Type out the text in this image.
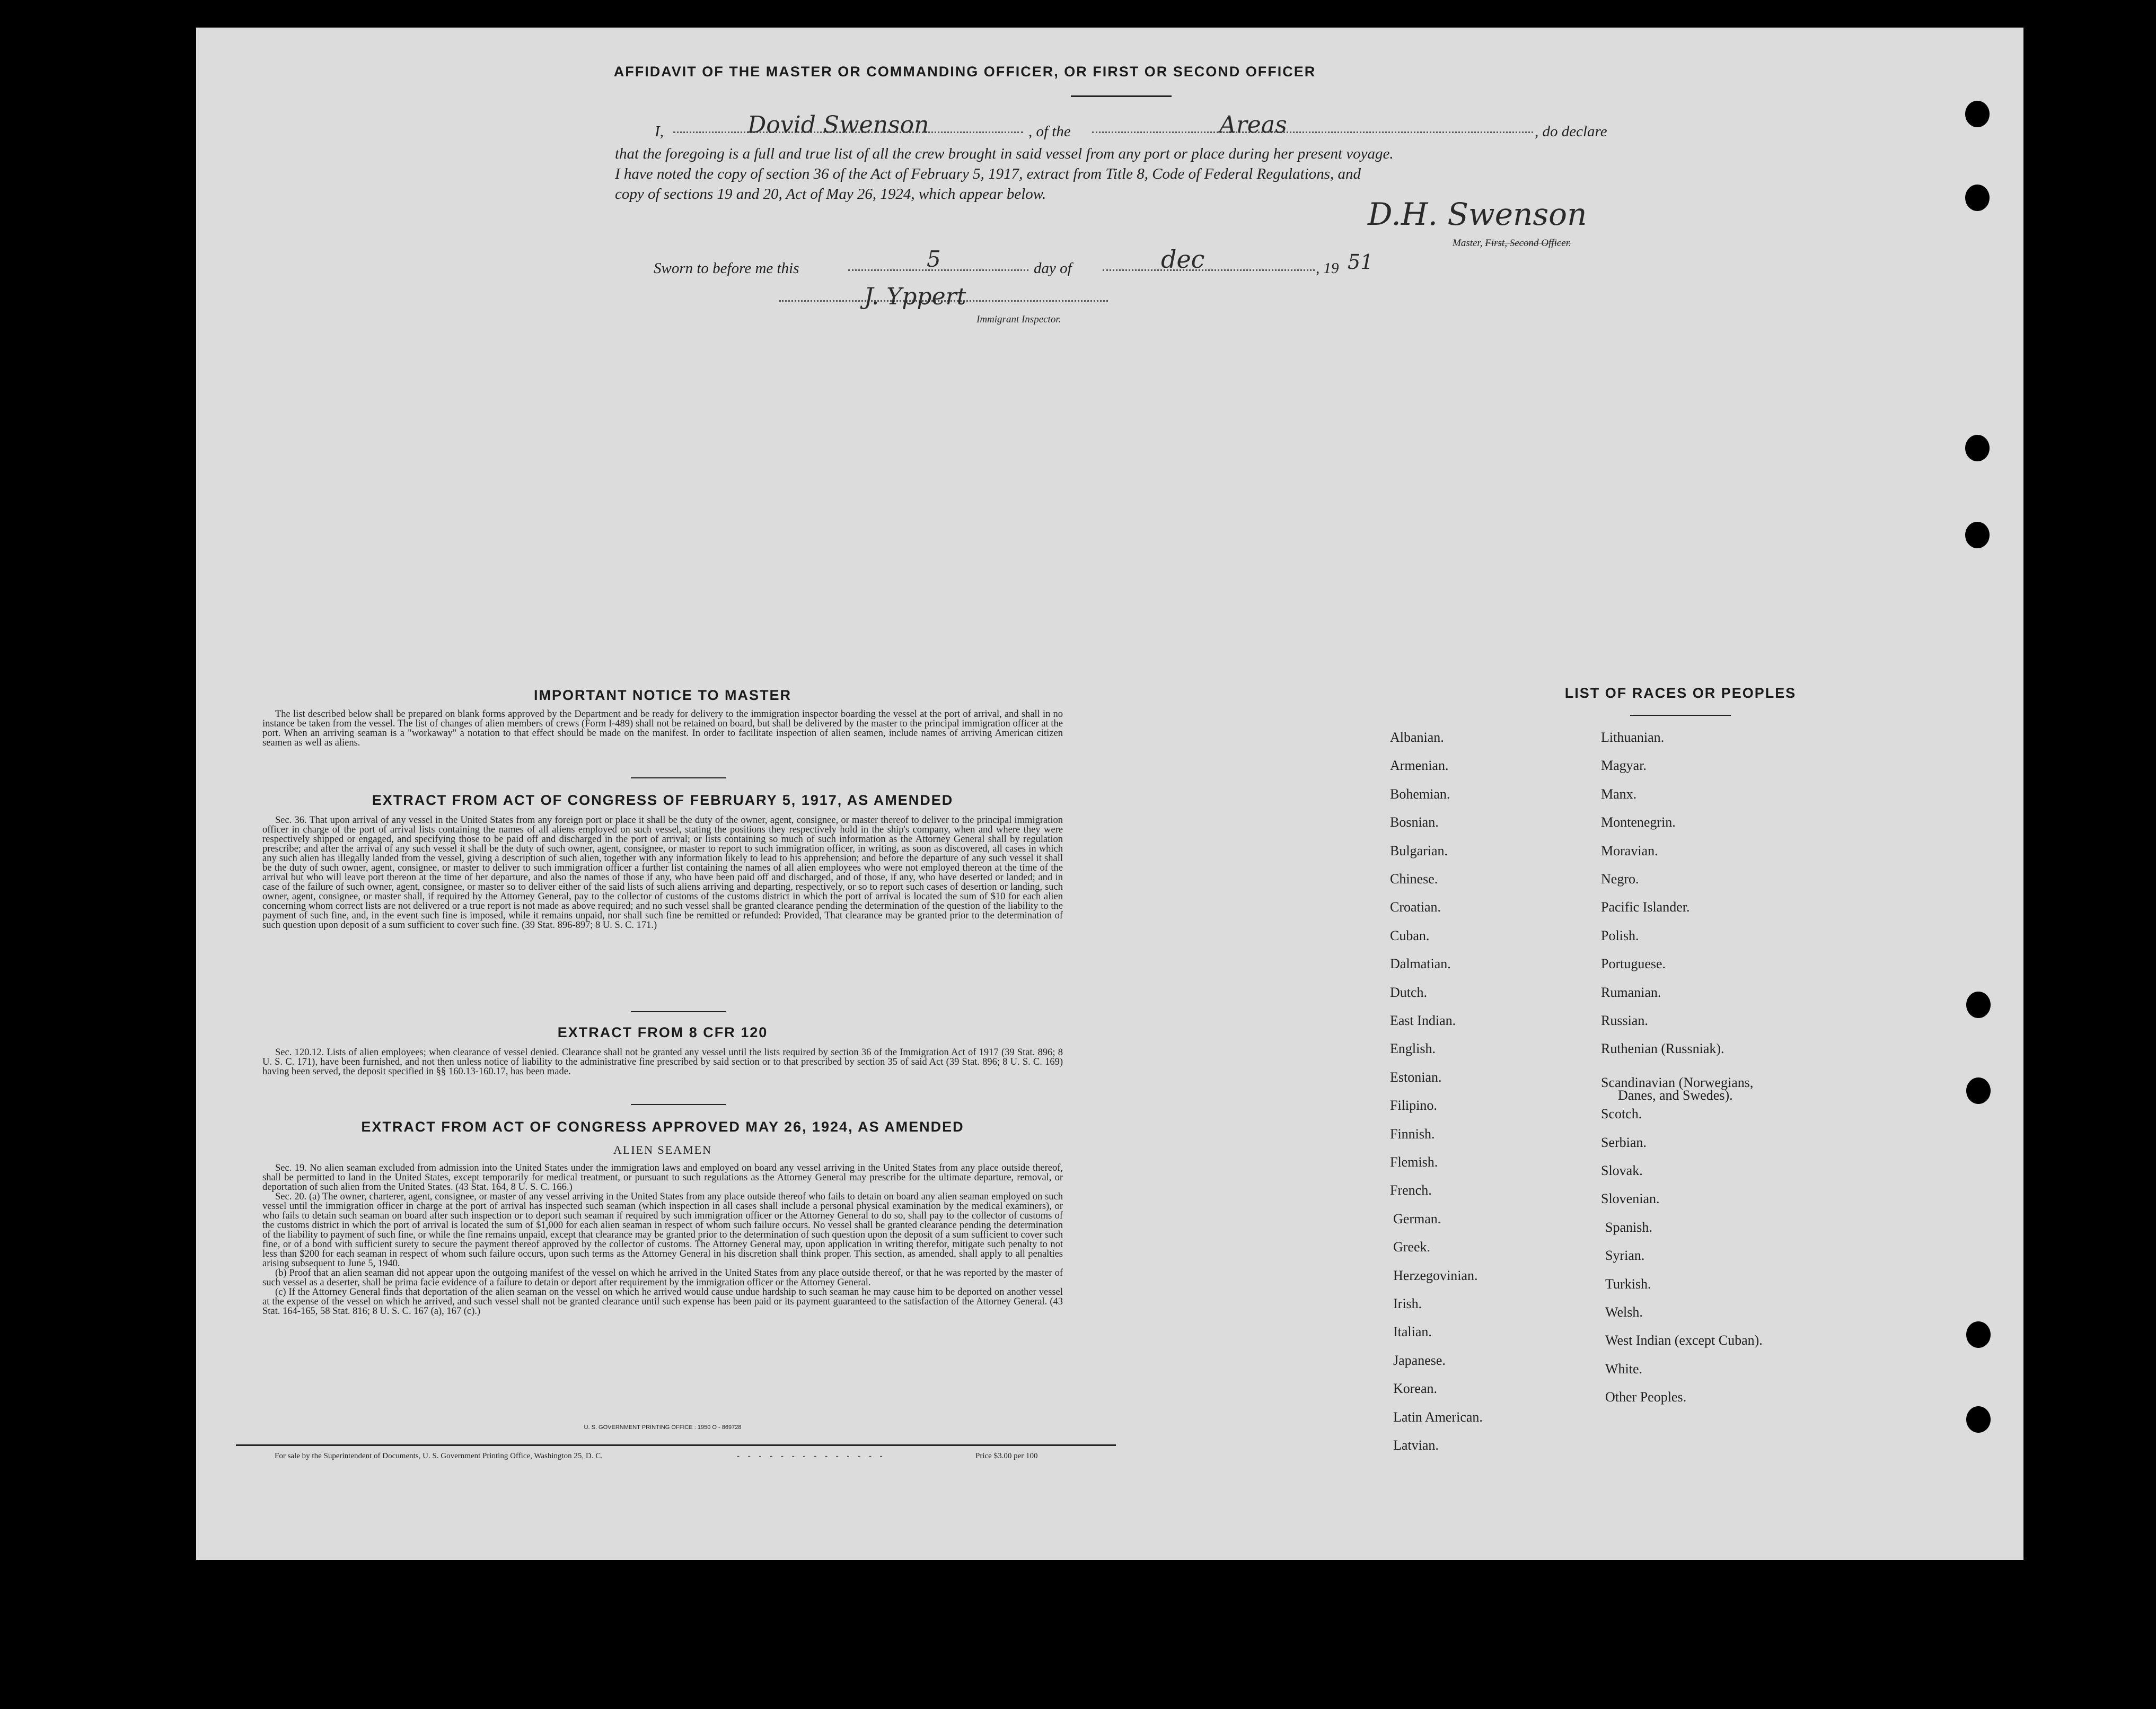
AFFIDAVIT OF THE MASTER OR COMMANDING OFFICER, OR FIRST OR SECOND OFFICER
I,	Dovid Swenson	, of the	Areas	, do declare
that the foregoing is a full and true list of all the crew brought in said vessel from any port or place during her present voyage.
I have noted the copy of section 36 of the Act of February 5, 1917, extract from Title 8, Code of Federal Regulations, and
copy of sections 19 and 20, Act of May 26, 1924, which appear below.
D.H. Swenson
Master, First, Second Officer.
Sworn to before me this	5	day of	dec	, 19 51
J. Yppert
Immigrant Inspector.
IMPORTANT NOTICE TO MASTER

The list described below shall be prepared on blank forms approved by the Department and be ready for delivery to the immigration inspector boarding the vessel at the port of arrival, and shall in no instance be taken from the vessel. The list of changes of alien members of crews (Form I-489) shall not be retained on board, but shall be delivered by the master to the principal immigration officer at the port. When an arriving seaman is a "workaway" a notation to that effect should be made on the manifest. In order to facilitate inspection of alien seamen, include names of arriving American citizen seamen as well as aliens.

EXTRACT FROM ACT OF CONGRESS OF FEBRUARY 5, 1917, AS AMENDED

Sec. 36. That upon arrival of any vessel in the United States from any foreign port or place it shall be the duty of the owner, agent, consignee, or master thereof to deliver to the principal immigration officer in charge of the port of arrival lists containing the names of all aliens employed on such vessel, stating the positions they respectively hold in the ship's company, when and where they were respectively shipped or engaged, and specifying those to be paid off and discharged in the port of arrival; or lists containing so much of such information as the Attorney General shall by regulation prescribe; and after the arrival of any such vessel it shall be the duty of such owner, agent, consignee, or master to report to such immigration officer, in writing, as soon as discovered, all cases in which any such alien has illegally landed from the vessel, giving a description of such alien, together with any information likely to lead to his apprehension; and before the departure of any such vessel it shall be the duty of such owner, agent, consignee, or master to deliver to such immigration officer a further list containing the names of all alien employees who were not employed thereon at the time of the arrival but who will leave port thereon at the time of her departure, and also the names of those if any, who have been paid off and discharged, and of those, if any, who have deserted or landed; and in case of the failure of such owner, agent, consignee, or master so to deliver either of the said lists of such aliens arriving and departing, respectively, or so to report such cases of desertion or landing, such owner, agent, consignee, or master shall, if required by the Attorney General, pay to the collector of customs of the customs district in which the port of arrival is located the sum of $10 for each alien concerning whom correct lists are not delivered or a true report is not made as above required; and no such vessel shall be granted clearance pending the determination of the question of the liability to the payment of such fine, and, in the event such fine is imposed, while it remains unpaid, nor shall such fine be remitted or refunded: Provided, That clearance may be granted prior to the determination of such question upon deposit of a sum sufficient to cover such fine. (39 Stat. 896-897; 8 U. S. C. 171.)

EXTRACT FROM 8 CFR 120

Sec. 120.12. Lists of alien employees; when clearance of vessel denied. Clearance shall not be granted any vessel until the lists required by section 36 of the Immigration Act of 1917 (39 Stat. 896; 8 U. S. C. 171), have been furnished, and not then unless notice of liability to the administrative fine prescribed by said section or to that prescribed by section 35 of said Act (39 Stat. 896; 8 U. S. C. 169) having been served, the deposit specified in §§ 160.13-160.17, has been made.

EXTRACT FROM ACT OF CONGRESS APPROVED MAY 26, 1924, AS AMENDED
ALIEN SEAMEN

Sec. 19. No alien seaman excluded from admission into the United States under the immigration laws and employed on board any vessel arriving in the United States from any place outside thereof, shall be permitted to land in the United States, except temporarily for medical treatment, or pursuant to such regulations as the Attorney General may prescribe for the ultimate departure, removal, or deportation of such alien from the United States. (43 Stat. 164, 8 U. S. C. 166.)

Sec. 20. (a) The owner, charterer, agent, consignee, or master of any vessel arriving in the United States from any place outside thereof who fails to detain on board any alien seaman employed on such vessel until the immigration officer in charge at the port of arrival has inspected such seaman (which inspection in all cases shall include a personal physical examination by the medical examiners), or who fails to detain such seaman on board after such inspection or to deport such seaman if required by such immigration officer or the Attorney General to do so, shall pay to the collector of customs of the customs district in which the port of arrival is located the sum of $1,000 for each alien seaman in respect of whom such failure occurs. No vessel shall be granted clearance pending the determination of the liability to payment of such fine, or while the fine remains unpaid, except that clearance may be granted prior to the determination of such question upon the deposit of a sum sufficient to cover such fine, or of a bond with sufficient surety to secure the payment thereof approved by the collector of customs. The Attorney General may, upon application in writing therefor, mitigate such penalty to not less than $200 for each seaman in respect of whom such failure occurs, upon such terms as the Attorney General in his discretion shall think proper. This section, as amended, shall apply to all penalties arising subsequent to June 5, 1940.

(b) Proof that an alien seaman did not appear upon the outgoing manifest of the vessel on which he arrived in the United States from any place outside thereof, or that he was reported by the master of such vessel as a deserter, shall be prima facie evidence of a failure to detain or deport after requirement by the immigration officer or the Attorney General.

(c) If the Attorney General finds that deportation of the alien seaman on the vessel on which he arrived would cause undue hardship to such seaman he may cause him to be deported on another vessel at the expense of the vessel on which he arrived, and such vessel shall not be granted clearance until such expense has been paid or its payment guaranteed to the satisfaction of the Attorney General. (43 Stat. 164-165, 58 Stat. 816; 8 U. S. C. 167 (a), 167 (c).)

U. S. GOVERNMENT PRINTING OFFICE : 1950 O - 869728
For sale by the Superintendent of Documents, U. S. Government Printing Office, Washington 25, D. C.	- - - - - - - - - - - - - -	Price $3.00 per 100
LIST OF RACES OR PEOPLES
Albanian.
Armenian.
Bohemian.
Bosnian.
Bulgarian.
Chinese.
Croatian.
Cuban.
Dalmatian.
Dutch.
East Indian.
English.
Estonian.
Filipino.
Finnish.
Flemish.
French.
German.
Greek.
Herzegovinian.
Irish.
Italian.
Japanese.
Korean.
Latin American.
Latvian.
Lithuanian.
Magyar.
Manx.
Montenegrin.
Moravian.
Negro.
Pacific Islander.
Polish.
Portuguese.
Rumanian.
Russian.
Ruthenian (Russniak).
Scandinavian (Norwegians,
Danes, and Swedes).
Scotch.
Serbian.
Slovak.
Slovenian.
Spanish.
Syrian.
Turkish.
Welsh.
West Indian (except Cuban).
White.
Other Peoples.
